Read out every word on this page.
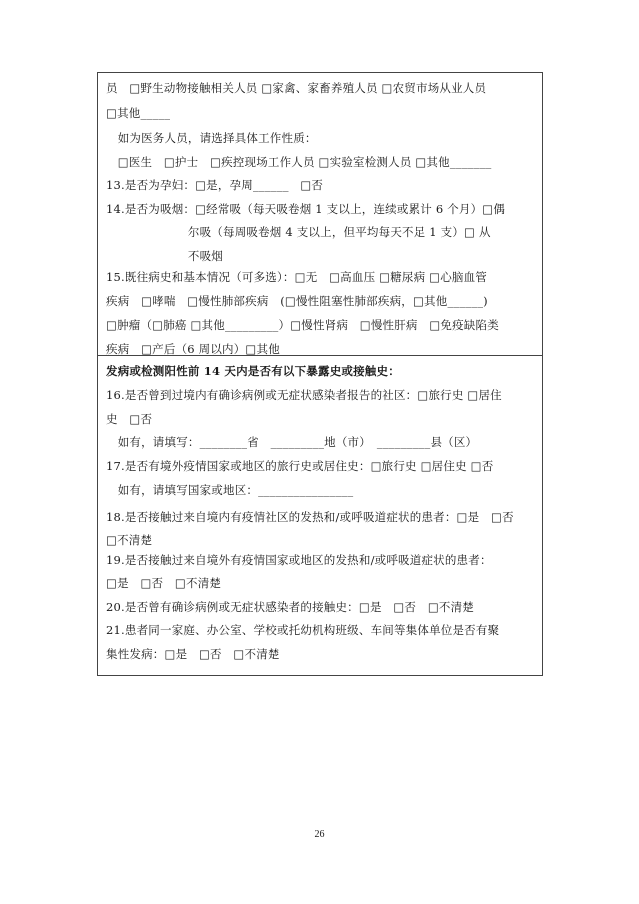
员　□野生动物接触相关人员 □家禽、家畜养殖人员 □农贸市场从业人员
□其他_____
　如为医务人员，请选择具体工作性质：
　□医生　□护士　□疾控现场工作人员 □实验室检测人员 □其他_______
13.是否为孕妇：□是，孕周______　□否
14.是否为吸烟：□经常吸（每天吸卷烟 1 支以上，连续或累计 6 个月）□偶
　　　　　　　尔吸（每周吸卷烟 4 支以上，但平均每天不足 1 支）□ 从
　　　　　　　不吸烟
15.既往病史和基本情况（可多选）：□无　□高血压 □糖尿病 □心脑血管
疾病　□哮喘　□慢性肺部疾病　(□慢性阻塞性肺部疾病，□其他______)
□肿瘤（□肺癌 □其他_________）□慢性肾病　□慢性肝病　□免疫缺陷类
疾病　□产后（6 周以内）□其他______
发病或检测阳性前 14 天内是否有以下暴露史或接触史：
16.是否曾到过境内有确诊病例或无症状感染者报告的社区：□旅行史 □居住
史　□否
　如有，请填写：________省　_________地（市）　_________县（区）
17.是否有境外疫情国家或地区的旅行史或居住史：□旅行史 □居住史 □否
　如有，请填写国家或地区：________________
18.是否接触过来自境内有疫情社区的发热和/或呼吸道症状的患者：□是　□否　□不清楚
19.是否接触过来自境外有疫情国家或地区的发热和/或呼吸道症状的患者：
□是　□否　□不清楚
20.是否曾有确诊病例或无症状感染者的接触史：□是　□否　□不清楚
21.患者同一家庭、办公室、学校或托幼机构班级、车间等集体单位是否有聚
集性发病：□是　□否　□不清楚
26
